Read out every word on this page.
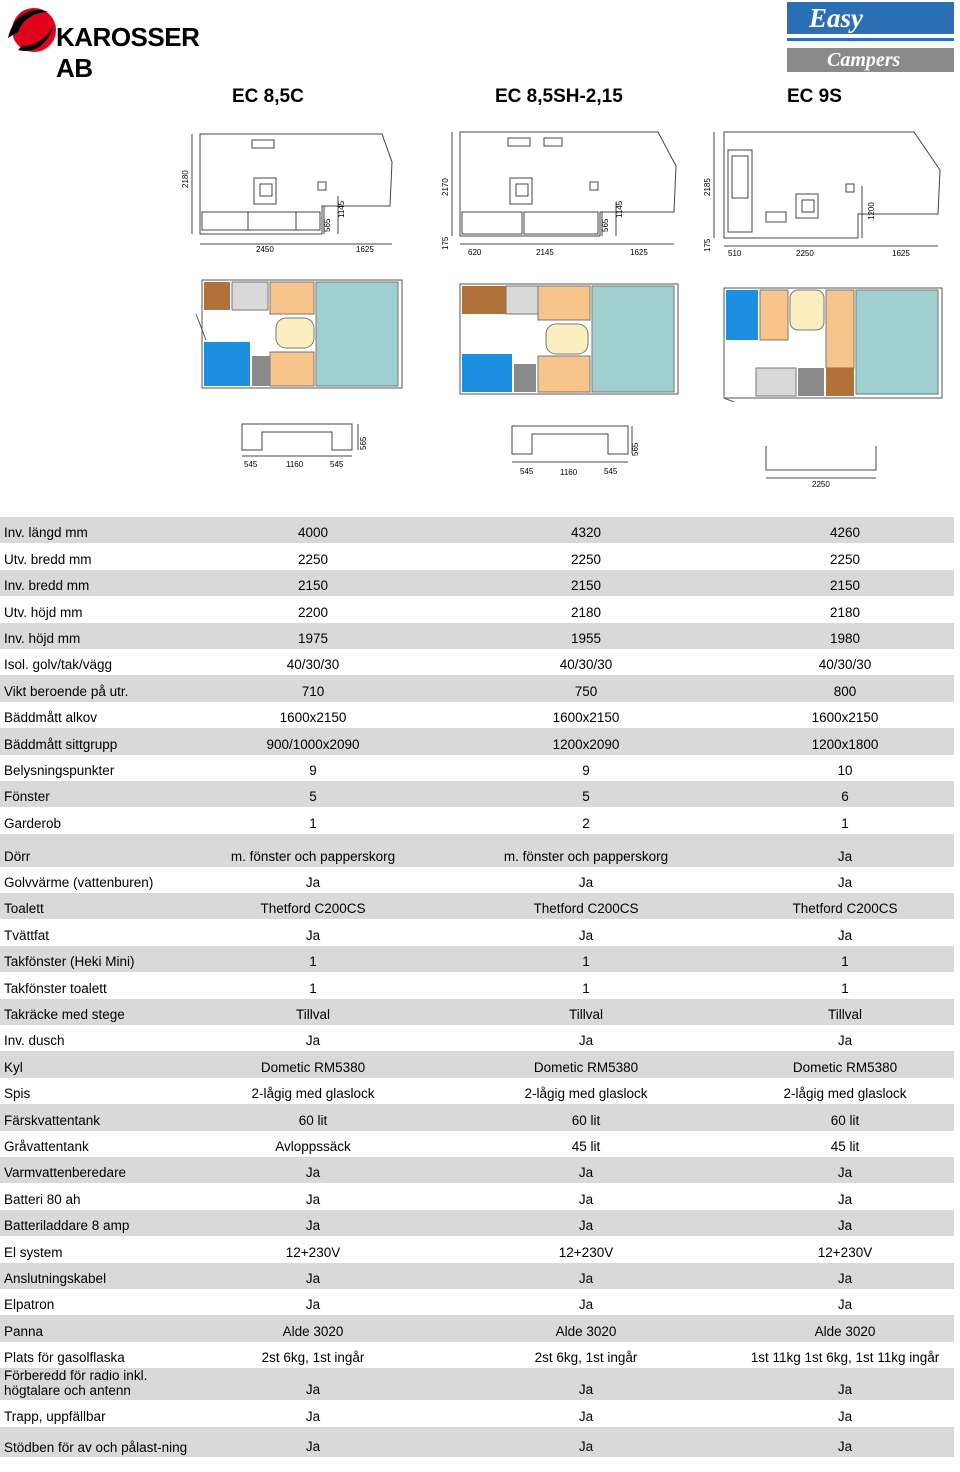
KAROSSER AB
Easy
Campers
EC 8,5C	EC 8,5SH-2,15	EC 9S
2180
565
1145
2450	1625
2170
565
1145
175
620	2145	1625
2185
1200
175
510	2250	1625
545	1160	545
565
545	1160	545
565
2250
Inv. längd mm	4000	4320	4260
Utv. bredd mm	2250	2250	2250
Inv. bredd mm	2150	2150	2150
Utv. höjd mm	2200	2180	2180
Inv. höjd mm	1975	1955	1980
Isol. golv/tak/vägg	40/30/30	40/30/30	40/30/30
Vikt beroende på utr.	710	750	800
Bäddmått alkov	1600x2150	1600x2150	1600x2150
Bäddmått sittgrupp	900/1000x2090	1200x2090	1200x1800
Belysningspunkter	9	9	10
Fönster	5	5	6
Garderob	1	2	1
Dörr	m. fönster och papperskorg	m. fönster och papperskorg	Ja
Golvvärme (vattenburen)	Ja	Ja	Ja
Toalett	Thetford C200CS	Thetford C200CS	Thetford C200CS
Tvättfat	Ja	Ja	Ja
Takfönster (Heki Mini)	1	1	1
Takfönster toalett	1	1	1
Takräcke med stege	Tillval	Tillval	Tillval
Inv. dusch	Ja	Ja	Ja
Kyl	Dometic RM5380	Dometic RM5380	Dometic RM5380
Spis	2-lågig med glaslock	2-lågig med glaslock	2-lågig med glaslock
Färskvattentank	60 lit	60 lit	60 lit
Gråvattentank	Avloppssäck	45 lit	45 lit
Varmvattenberedare	Ja	Ja	Ja
Batteri 80 ah	Ja	Ja	Ja
Batteriladdare 8 amp	Ja	Ja	Ja
El system	12+230V	12+230V	12+230V
Anslutningskabel	Ja	Ja	Ja
Elpatron	Ja	Ja	Ja
Panna	Alde 3020	Alde 3020	Alde 3020
Plats för gasolflaska	2st 6kg, 1st ingår	2st 6kg, 1st ingår	1st 11kg 1st 6kg, 1st 11kg ingår
Förberedd för radio inkl. högtalare och antenn	Ja	Ja	Ja
Trapp, uppfällbar	Ja	Ja	Ja
Stödben för av och pålast-ning	Ja	Ja	Ja
